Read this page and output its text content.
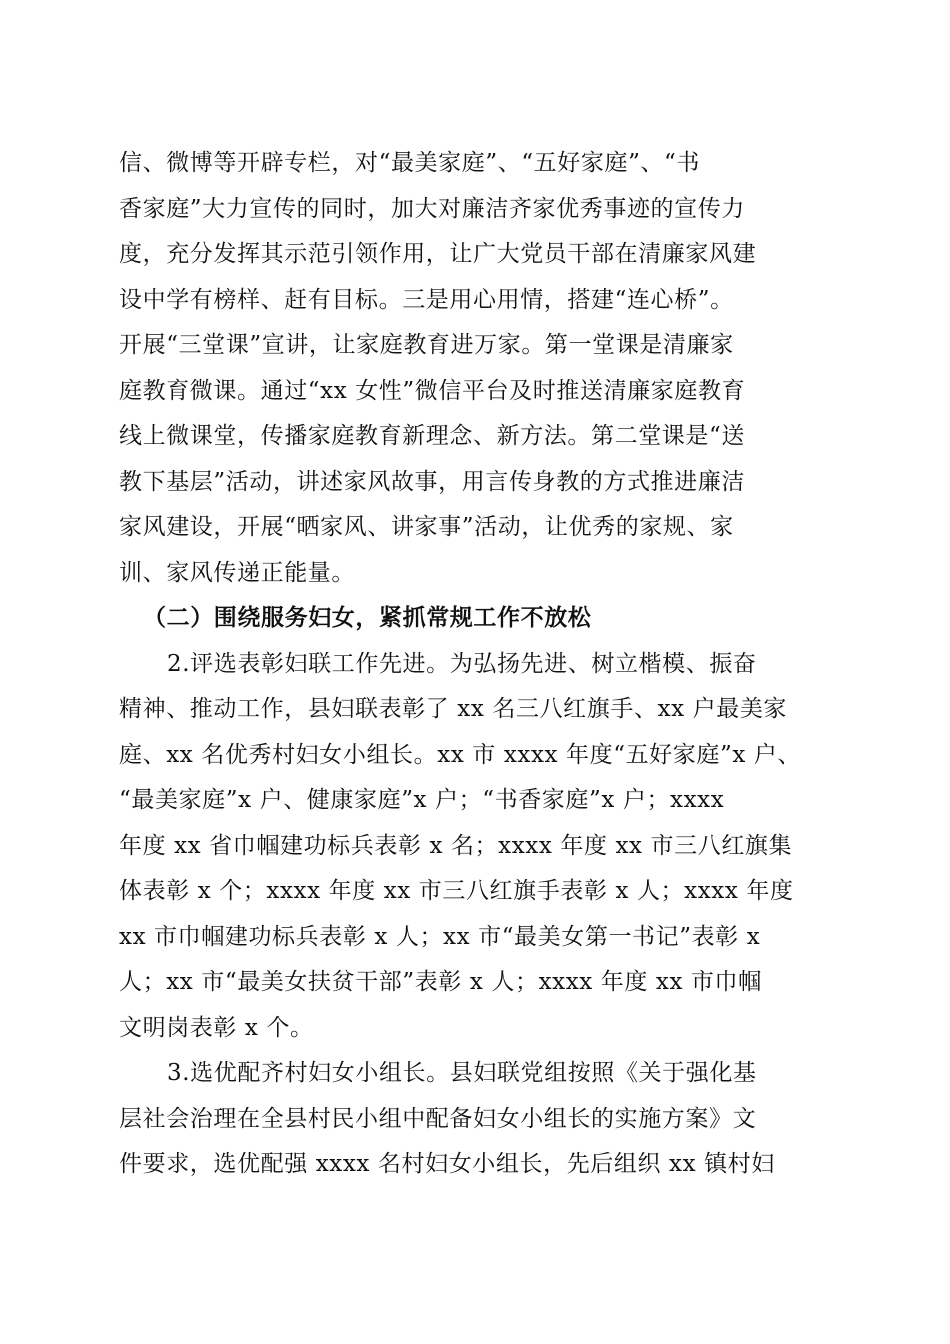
信、微博等开辟专栏，对“最美家庭”、“五好家庭”、“书
香家庭”大力宣传的同时，加大对廉洁齐家优秀事迹的宣传力
度，充分发挥其示范引领作用，让广大党员干部在清廉家风建
设中学有榜样、赶有目标。三是用心用情，搭建“连心桥”。
开展“三堂课”宣讲，让家庭教育进万家。第一堂课是清廉家
庭教育微课。通过“xx 女性”微信平台及时推送清廉家庭教育
线上微课堂，传播家庭教育新理念、新方法。第二堂课是“送
教下基层”活动，讲述家风故事，用言传身教的方式推进廉洁
家风建设，开展“晒家风、讲家事”活动，让优秀的家规、家
训、家风传递正能量。
（二）围绕服务妇女，紧抓常规工作不放松
2.评选表彰妇联工作先进。为弘扬先进、树立楷模、振奋
精神、推动工作，县妇联表彰了 xx 名三八红旗手、xx 户最美家
庭、xx 名优秀村妇女小组长。xx 市 xxxx 年度“五好家庭”x 户、
“最美家庭”x 户、健康家庭”x 户；“书香家庭”x 户；xxxx
年度 xx 省巾帼建功标兵表彰 x 名；xxxx 年度 xx 市三八红旗集
体表彰 x 个；xxxx 年度 xx 市三八红旗手表彰 x 人；xxxx 年度
xx 市巾帼建功标兵表彰 x 人；xx 市“最美女第一书记”表彰 x
人；xx 市“最美女扶贫干部”表彰 x 人；xxxx 年度 xx 市巾帼
文明岗表彰 x 个。
3.选优配齐村妇女小组长。县妇联党组按照《关于强化基
层社会治理在全县村民小组中配备妇女小组长的实施方案》文
件要求，选优配强 xxxx 名村妇女小组长，先后组织 xx 镇村妇
